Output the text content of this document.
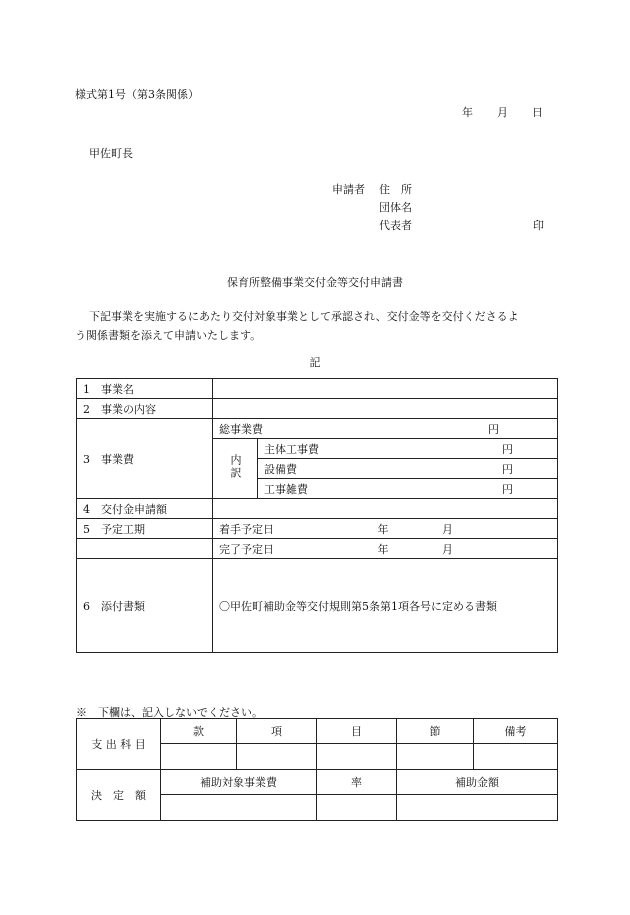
様式第1号（第3条関係）
年 月 日
甲佐町長
申請者 住　所
団体名
代表者	印
保育所整備事業交付金等交付申請書
下記事業を実施するにあたり交付対象事業として承認され、交付金等を交付くださるよ
う関係書類を添えて申請いたします。
記
1　事業名		
2　事業の内容		
3　事業費	総事業費 円	

	内訳	主体工事費 円

		設備費 円

		工事雑費 円

4　交付金申請額		
5　予定工期	着手予定日 年 月	
	完了予定日 年 月	
6　添付書類	〇甲佐町補助金等交付規則第5条第1項各号に定める書類	
※　下欄は、記入しないでください。
支 出 科 目	款	項	目	節	備考

決　定　額	補助対象事業費		率	補助金額	
